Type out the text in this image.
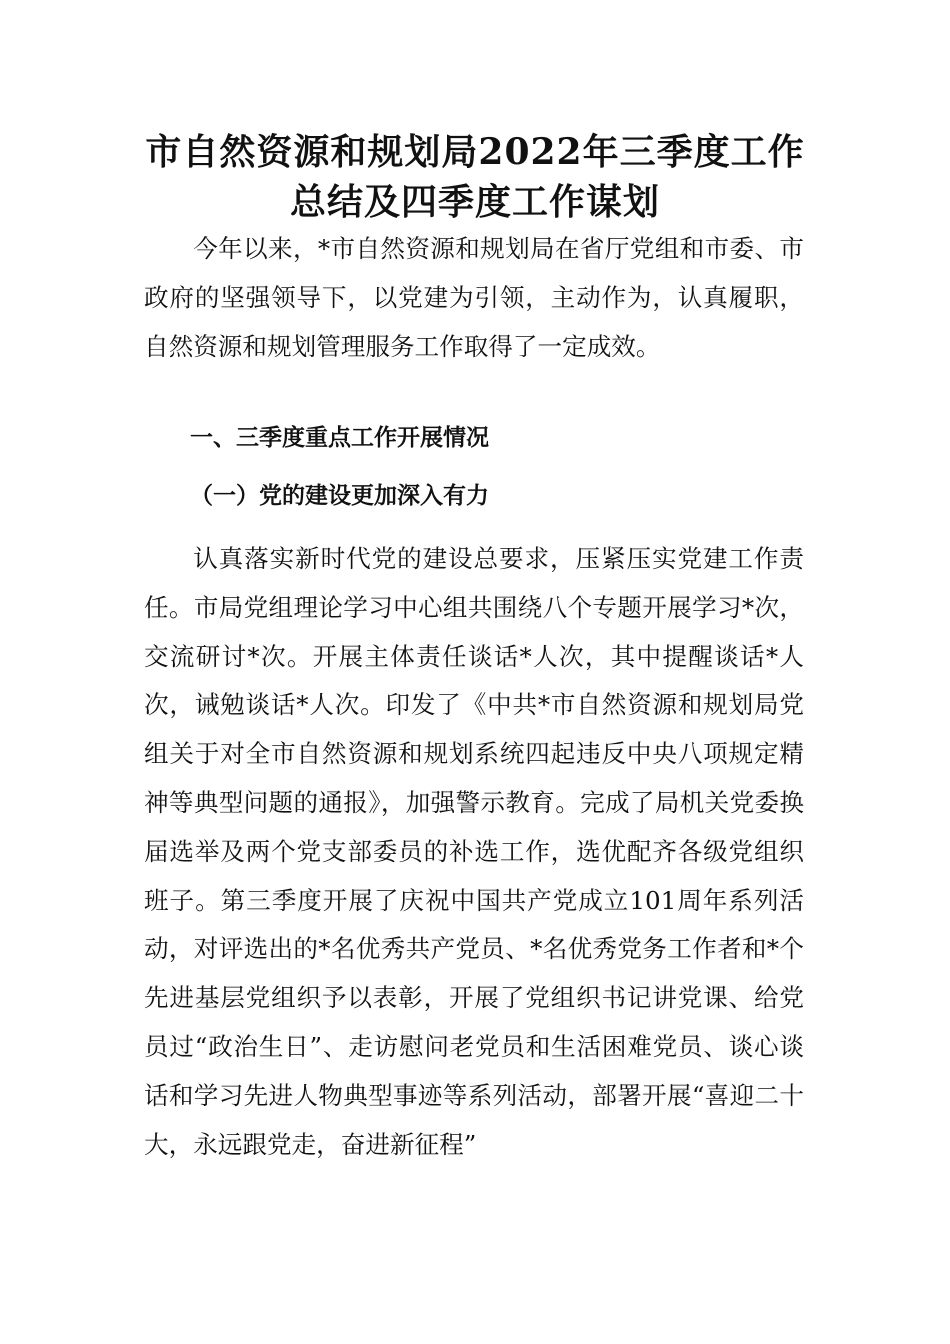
市自然资源和规划局2022年三季度工作
总结及四季度工作谋划

今年以来，*市自然资源和规划局在省厅党组和市委、市政府的坚强领导下，以党建为引领，主动作为，认真履职，自然资源和规划管理服务工作取得了一定成效。

一、三季度重点工作开展情况

（一）党的建设更加深入有力

认真落实新时代党的建设总要求，压紧压实党建工作责任。市局党组理论学习中心组共围绕八个专题开展学习*次，交流研讨*次。开展主体责任谈话*人次，其中提醒谈话*人次，诫勉谈话*人次。印发了《中共*市自然资源和规划局党组关于对全市自然资源和规划系统四起违反中央八项规定精神等典型问题的通报》，加强警示教育。完成了局机关党委换届选举及两个党支部委员的补选工作，选优配齐各级党组织班子。第三季度开展了庆祝中国共产党成立101周年系列活动，对评选出的*名优秀共产党员、*名优秀党务工作者和*个先进基层党组织予以表彰，开展了党组织书记讲党课、给党员过“政治生日”、走访慰问老党员和生活困难党员、谈心谈话和学习先进人物典型事迹等系列活动，部署开展“喜迎二十大，永远跟党走，奋进新征程”
